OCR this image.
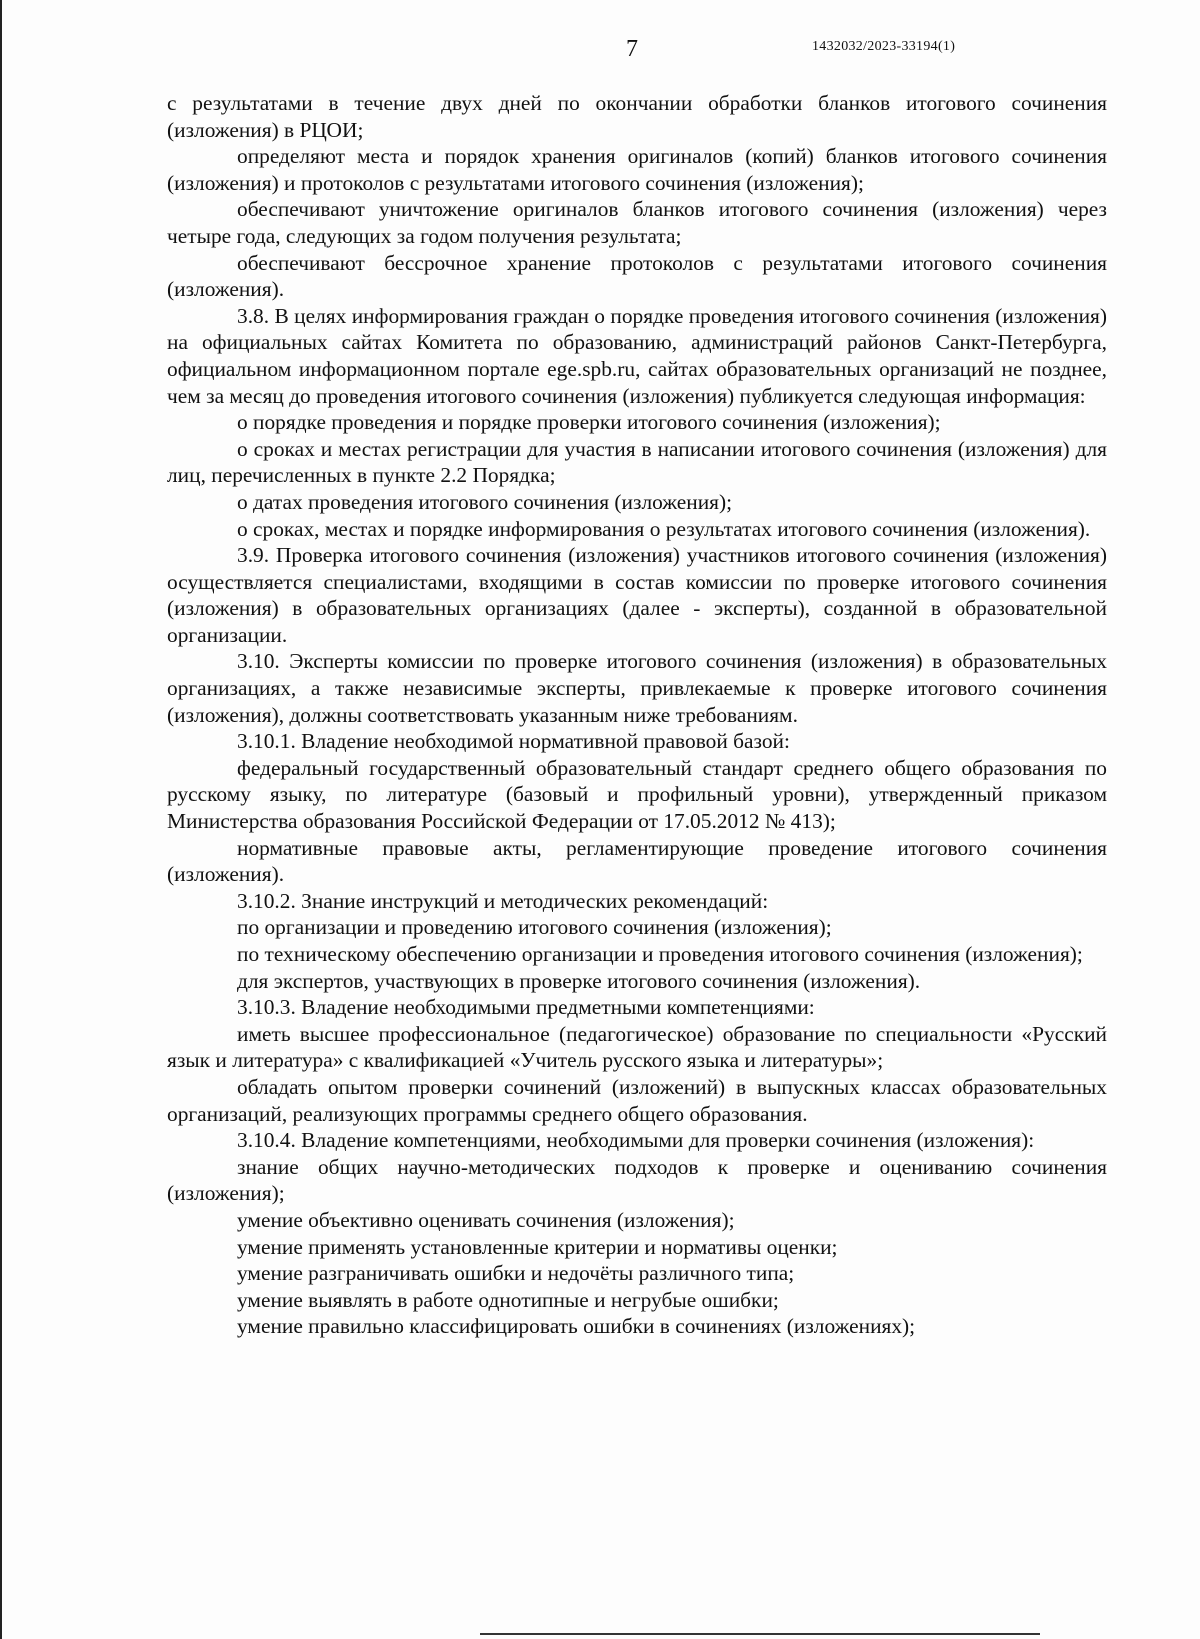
7	1432032/2023-33194(1)

с результатами в течение двух дней по окончании обработки бланков итогового сочинения (изложения) в РЦОИ;

определяют места и порядок хранения оригиналов (копий) бланков итогового сочинения (изложения) и протоколов с результатами итогового сочинения (изложения);

обеспечивают уничтожение оригиналов бланков итогового сочинения (изложения) через четыре года, следующих за годом получения результата;

обеспечивают бессрочное хранение протоколов с результатами итогового сочинения (изложения).

3.8. В целях информирования граждан о порядке проведения итогового сочинения (изложения) на официальных сайтах Комитета по образованию, администраций районов Санкт-Петербурга, официальном информационном портале ege.spb.ru, сайтах образовательных организаций не позднее, чем за месяц до проведения итогового сочинения (изложения) публикуется следующая информация:

о порядке проведения и порядке проверки итогового сочинения (изложения);

о сроках и местах регистрации для участия в написании итогового сочинения (изложения) для лиц, перечисленных в пункте 2.2 Порядка;

о датах проведения итогового сочинения (изложения);

о сроках, местах и порядке информирования о результатах итогового сочинения (изложения).

3.9. Проверка итогового сочинения (изложения) участников итогового сочинения (изложения) осуществляется специалистами, входящими в состав комиссии по проверке итогового сочинения (изложения) в образовательных организациях (далее - эксперты), созданной в образовательной организации.

3.10. Эксперты комиссии по проверке итогового сочинения (изложения) в образовательных организациях, а также независимые эксперты, привлекаемые к проверке итогового сочинения (изложения), должны соответствовать указанным ниже требованиям.

3.10.1. Владение необходимой нормативной правовой базой:

федеральный государственный образовательный стандарт среднего общего образования по русскому языку, по литературе (базовый и профильный уровни), утвержденный приказом Министерства образования Российской Федерации от 17.05.2012 № 413);

нормативные правовые акты, регламентирующие проведение итогового сочинения (изложения).

3.10.2. Знание инструкций и методических рекомендаций:

по организации и проведению итогового сочинения (изложения);

по техническому обеспечению организации и проведения итогового сочинения (изложения);

для экспертов, участвующих в проверке итогового сочинения (изложения).

3.10.3. Владение необходимыми предметными компетенциями:

иметь высшее профессиональное (педагогическое) образование по специальности «Русский язык и литература» с квалификацией «Учитель русского языка и литературы»;

обладать опытом проверки сочинений (изложений) в выпускных классах образовательных организаций, реализующих программы среднего общего образования.

3.10.4. Владение компетенциями, необходимыми для проверки сочинения (изложения):

знание общих научно-методических подходов к проверке и оцениванию сочинения (изложения);

умение объективно оценивать сочинения (изложения);

умение применять установленные критерии и нормативы оценки;

умение разграничивать ошибки и недочёты различного типа;

умение выявлять в работе однотипные и негрубые ошибки;

умение правильно классифицировать ошибки в сочинениях (изложениях);
